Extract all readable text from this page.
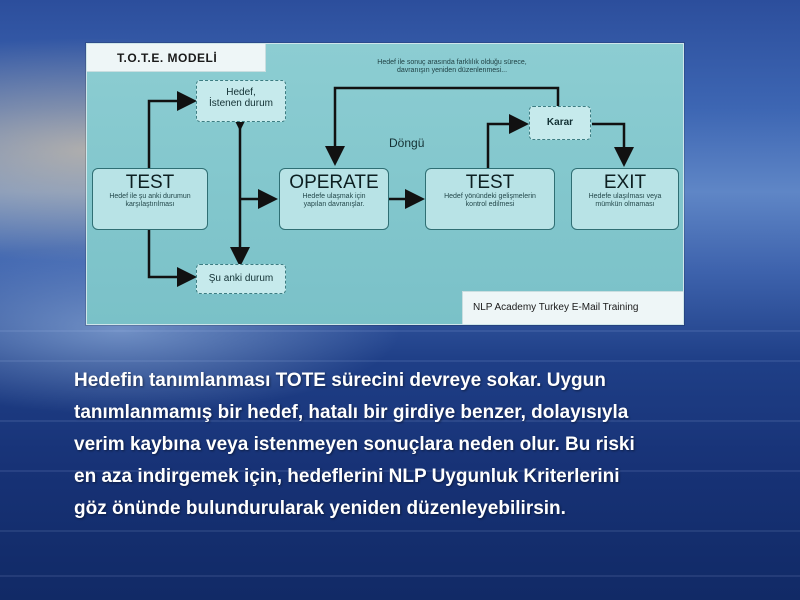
T.O.T.E. MODELİ	Hedef ile sonuç arasında farklılık olduğu sürece,
davranışın yeniden düzenlenmesi...
Döngü
Hedef,
İstenen durum
Şu anki durum
TEST
Hedef ile şu anki durumun
karşılaştırılması
OPERATE
Hedefe ulaşmak için
yapılan davranışlar.
TEST
Hedef yönündeki gelişmelerin
kontrol edilmesi
Karar
EXIT
Hedefe ulaşılması veya
mümkün olmaması
NLP Academy Turkey E-Mail Training
Hedefin tanımlanması TOTE sürecini devreye sokar. Uygun
tanımlanmamış bir hedef, hatalı bir girdiye benzer, dolayısıyla
verim kaybına veya istenmeyen sonuçlara neden olur. Bu riski
en aza indirgemek için, hedeflerini NLP Uygunluk Kriterlerini
göz önünde bulundurularak yeniden düzenleyebilirsin.
